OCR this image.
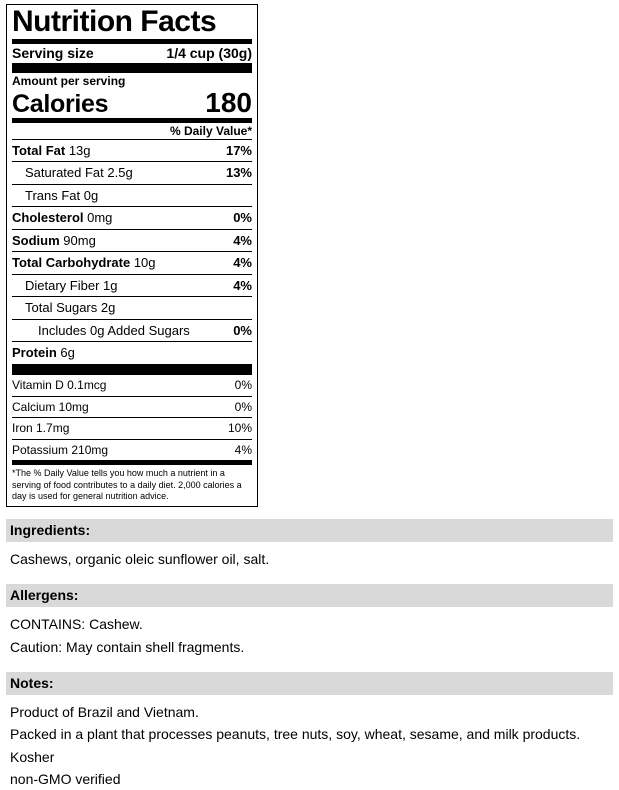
Nutrition Facts
Serving size	1/4 cup (30g)
Amount per serving
Calories	180
% Daily Value*
Total Fat 13g	17%
Saturated Fat 2.5g	13%
Trans Fat 0g
Cholesterol 0mg	0%
Sodium 90mg	4%
Total Carbohydrate 10g	4%
Dietary Fiber 1g	4%
Total Sugars 2g
Includes 0g Added Sugars	0%
Protein 6g
Vitamin D 0.1mcg	0%
Calcium 10mg	0%
Iron 1.7mg	10%
Potassium 210mg	4%
*The % Daily Value tells you how much a nutrient in a serving of food contributes to a daily diet. 2,000 calories a day is used for general nutrition advice.
Ingredients:
Cashews, organic oleic sunflower oil, salt.
Allergens:
CONTAINS: Cashew.
Caution: May contain shell fragments.
Notes:
Product of Brazil and Vietnam.
Packed in a plant that processes peanuts, tree nuts, soy, wheat, sesame, and milk products.
Kosher
non-GMO verified
